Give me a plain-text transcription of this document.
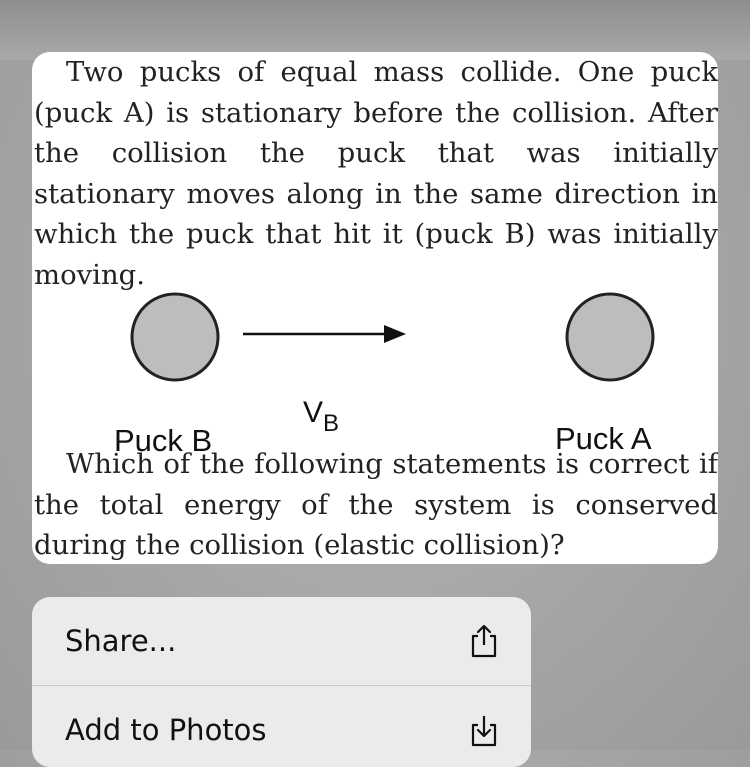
Two pucks of equal mass collide. One puck (puck A) is stationary before the collision. After the collision the puck that was initially stationary moves along in the same direction in which the puck that hit it (puck B) was initially moving.

$V_B$
Puck B	Puck A

Which of the following statements is correct if the total energy of the system is conserved during the collision (elastic collision)?

Share...
Add to Photos
